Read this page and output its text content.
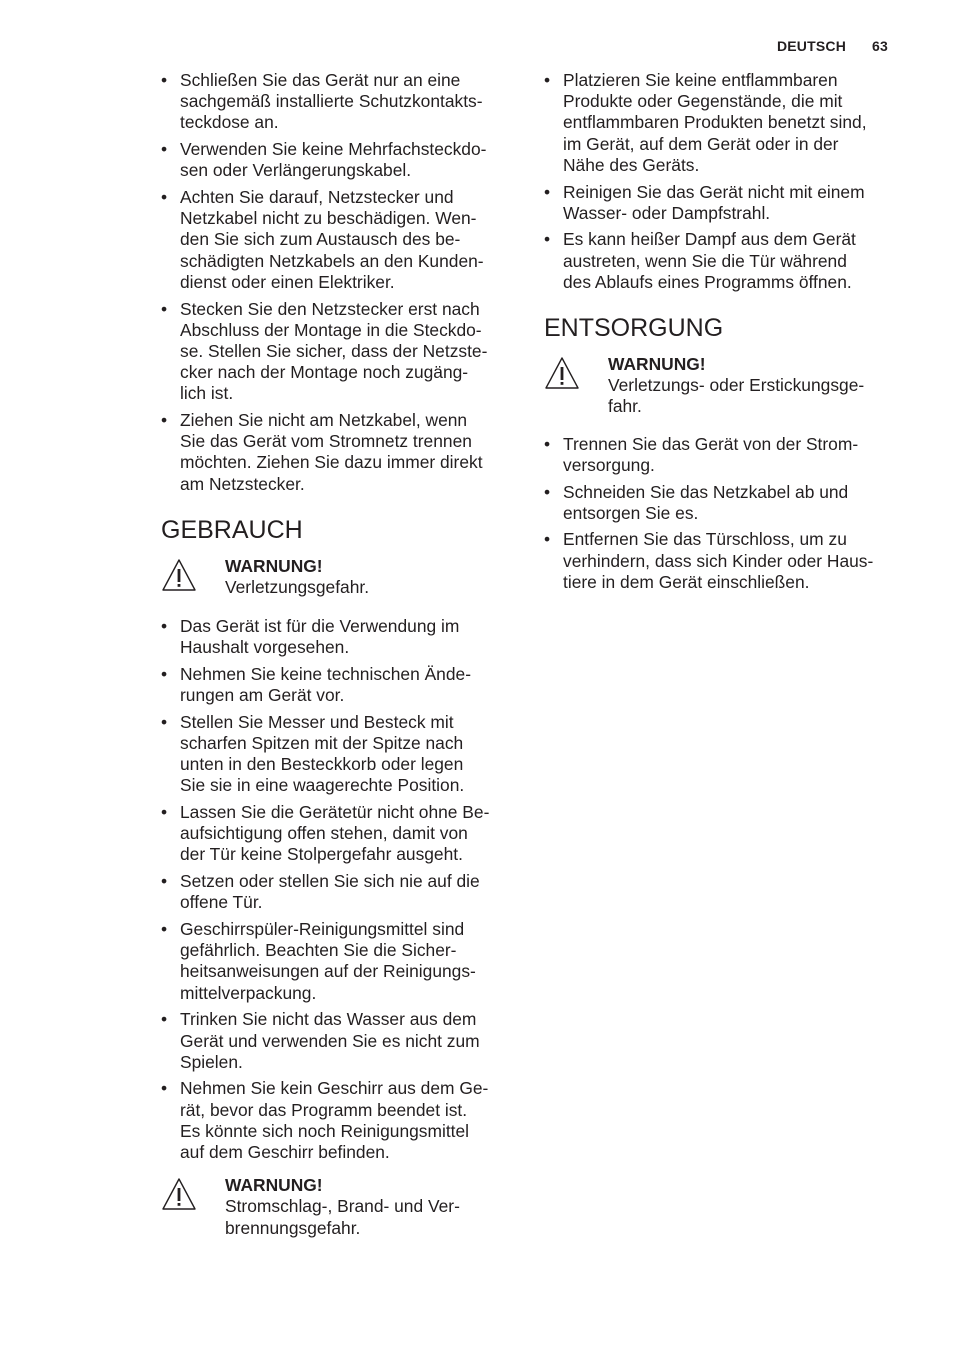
DEUTSCH 63
• Schließen Sie das Gerät nur an eine
sachgemäß installierte Schutzkontakts-
teckdose an.
• Verwenden Sie keine Mehrfachsteckdo-
sen oder Verlängerungskabel.
• Achten Sie darauf, Netzstecker und
Netzkabel nicht zu beschädigen. Wen-
den Sie sich zum Austausch des be-
schädigten Netzkabels an den Kunden-
dienst oder einen Elektriker.
• Stecken Sie den Netzstecker erst nach
Abschluss der Montage in die Steckdo-
se. Stellen Sie sicher, dass der Netzste-
cker nach der Montage noch zugäng-
lich ist.
• Ziehen Sie nicht am Netzkabel, wenn
Sie das Gerät vom Stromnetz trennen
möchten. Ziehen Sie dazu immer direkt
am Netzstecker.
GEBRAUCH
WARNUNG!
Verletzungsgefahr.
• Das Gerät ist für die Verwendung im
Haushalt vorgesehen.
• Nehmen Sie keine technischen Ände-
rungen am Gerät vor.
• Stellen Sie Messer und Besteck mit
scharfen Spitzen mit der Spitze nach
unten in den Besteckkorb oder legen
Sie sie in eine waagerechte Position.
• Lassen Sie die Gerätetür nicht ohne Be-
aufsichtigung offen stehen, damit von
der Tür keine Stolpergefahr ausgeht.
• Setzen oder stellen Sie sich nie auf die
offene Tür.
• Geschirrspüler-Reinigungsmittel sind
gefährlich. Beachten Sie die Sicher-
heitsanweisungen auf der Reinigungs-
mittelverpackung.
• Trinken Sie nicht das Wasser aus dem
Gerät und verwenden Sie es nicht zum
Spielen.
• Nehmen Sie kein Geschirr aus dem Ge-
rät, bevor das Programm beendet ist.
Es könnte sich noch Reinigungsmittel
auf dem Geschirr befinden.
WARNUNG!
Stromschlag-, Brand- und Ver-
brennungsgefahr.
• Platzieren Sie keine entflammbaren
Produkte oder Gegenstände, die mit
entflammbaren Produkten benetzt sind,
im Gerät, auf dem Gerät oder in der
Nähe des Geräts.
• Reinigen Sie das Gerät nicht mit einem
Wasser- oder Dampfstrahl.
• Es kann heißer Dampf aus dem Gerät
austreten, wenn Sie die Tür während
des Ablaufs eines Programms öffnen.
ENTSORGUNG
WARNUNG!
Verletzungs- oder Erstickungsge-
fahr.
• Trennen Sie das Gerät von der Strom-
versorgung.
• Schneiden Sie das Netzkabel ab und
entsorgen Sie es.
• Entfernen Sie das Türschloss, um zu
verhindern, dass sich Kinder oder Haus-
tiere in dem Gerät einschließen.
